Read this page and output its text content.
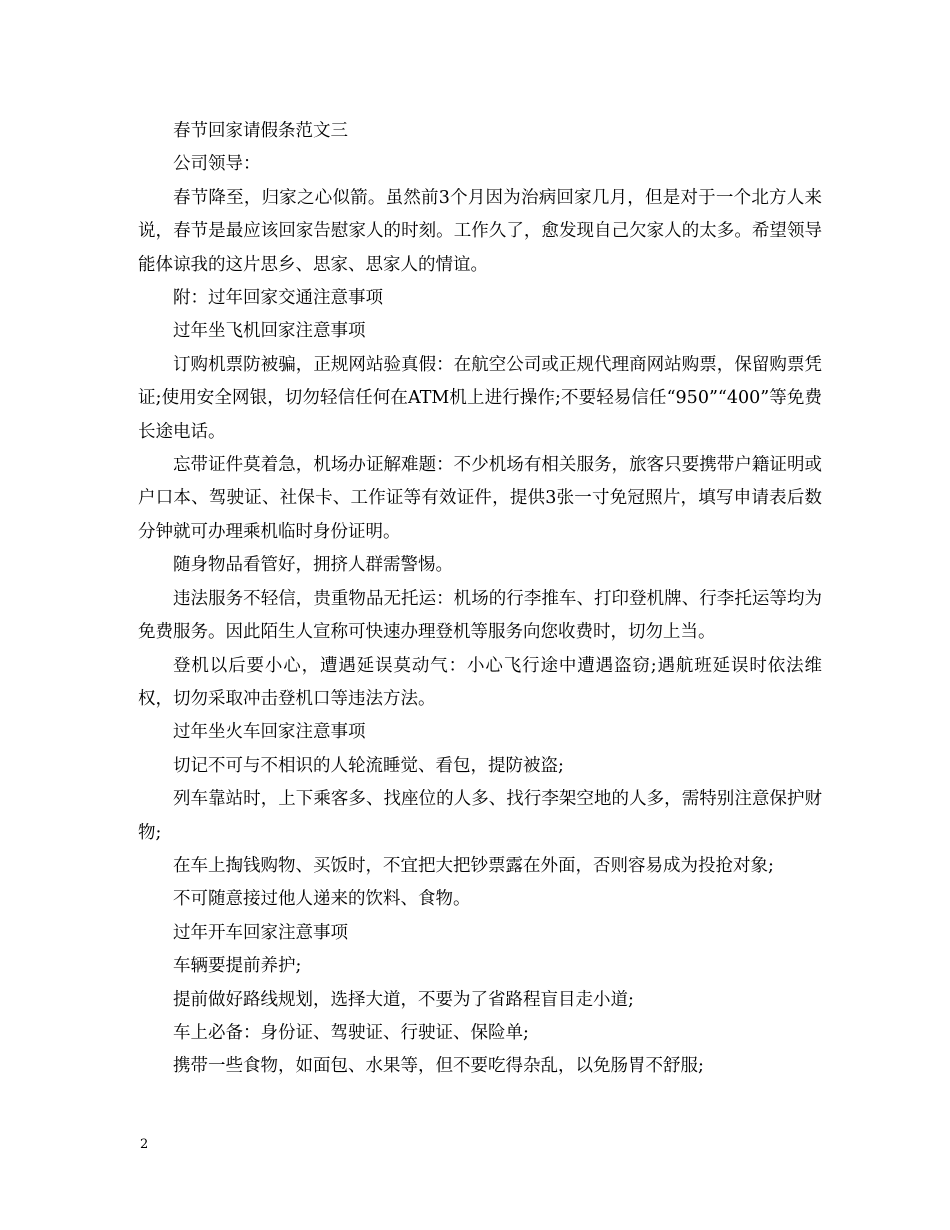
春节回家请假条范文三

公司领导：

春节降至，归家之心似箭。虽然前3个月因为治病回家几月，但是对于一个北方人来说，春节是最应该回家告慰家人的时刻。工作久了，愈发现自己欠家人的太多。希望领导能体谅我的这片思乡、思家、思家人的情谊。

附：过年回家交通注意事项

过年坐飞机回家注意事项

订购机票防被骗，正规网站验真假：在航空公司或正规代理商网站购票，保留购票凭证;使用安全网银，切勿轻信任何在ATM机上进行操作;不要轻易信任“950”“400”等免费长途电话。

忘带证件莫着急，机场办证解难题：不少机场有相关服务，旅客只要携带户籍证明或户口本、驾驶证、社保卡、工作证等有效证件，提供3张一寸免冠照片，填写申请表后数分钟就可办理乘机临时身份证明。

随身物品看管好，拥挤人群需警惕。

违法服务不轻信，贵重物品无托运：机场的行李推车、打印登机牌、行李托运等均为免费服务。因此陌生人宣称可快速办理登机等服务向您收费时，切勿上当。

登机以后要小心，遭遇延误莫动气：小心飞行途中遭遇盗窃;遇航班延误时依法维权，切勿采取冲击登机口等违法方法。

过年坐火车回家注意事项

切记不可与不相识的人轮流睡觉、看包，提防被盗;

列车靠站时，上下乘客多、找座位的人多、找行李架空地的人多，需特别注意保护财物;

在车上掏钱购物、买饭时，不宜把大把钞票露在外面，否则容易成为投抢对象;

不可随意接过他人递来的饮料、食物。

过年开车回家注意事项

车辆要提前养护;

提前做好路线规划，选择大道，不要为了省路程盲目走小道;

车上必备：身份证、驾驶证、行驶证、保险单;

携带一些食物，如面包、水果等，但不要吃得杂乱，以免肠胃不舒服;

2
